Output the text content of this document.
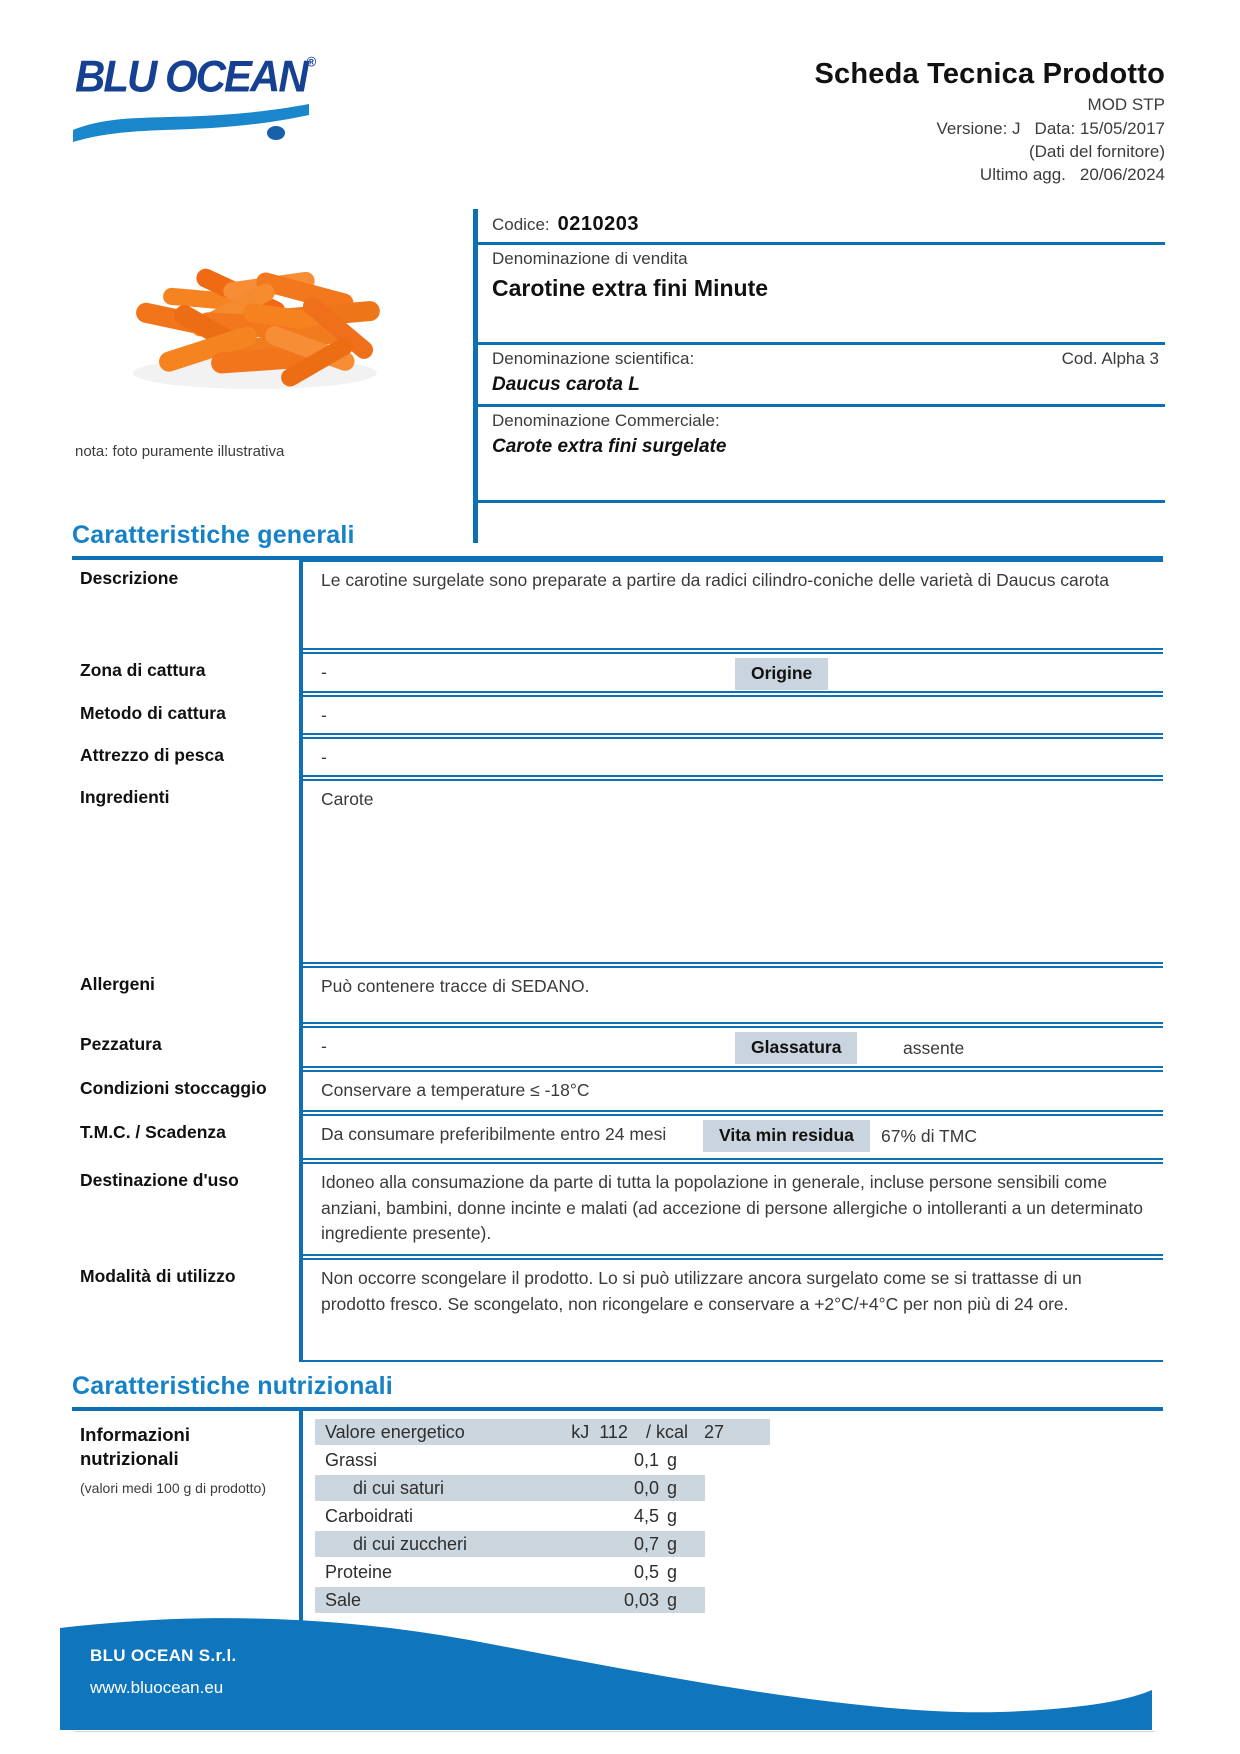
BLU OCEAN®	Scheda Tecnica Prodotto
MOD STP
Versione: J Data: 15/05/2017
(Dati del fornitore)
Ultimo agg. 20/06/2024
nota: foto puramente illustrativa
Codice: 0210203
Denominazione di vendita
Carotine extra fini Minute
Denominazione scientifica:	Cod. Alpha 3
Daucus carota L
Denominazione Commerciale:
Carote extra fini surgelate
Caratteristiche generali
Descrizione	Le carotine surgelate sono preparate a partire da radici cilindro-coniche delle varietà di Daucus carota
Zona di cattura	-	Origine
Metodo di cattura	-
Attrezzo di pesca	-
Ingredienti	Carote
Allergeni	Può contenere tracce di SEDANO.
Pezzatura	-	Glassatura	assente
Condizioni stoccaggio	Conservare a temperature ≤ -18°C
T.M.C. / Scadenza	Da consumare preferibilmente entro 24 mesi	Vita min residua	67% di TMC
Destinazione d'uso	Idoneo alla consumazione da parte di tutta la popolazione in generale, incluse persone sensibili come anziani, bambini, donne incinte e malati (ad accezione di persone allergiche o intolleranti a un determinato ingrediente presente).
Modalità di utilizzo	Non occorre scongelare il prodotto. Lo si può utilizzare ancora surgelato come se si trattasse di un prodotto fresco. Se scongelato, non ricongelare e conservare a +2°C/+4°C per non più di 24 ore.
Caratteristiche nutrizionali
Informazioni nutrizionali
(valori medi 100 g di prodotto)
Valore energetico	kJ 112 / kcal 27
Grassi	0,1 g
di cui saturi	0,0 g
Carboidrati	4,5 g
di cui zuccheri	0,7 g
Proteine	0,5 g
Sale	0,03 g
BLU OCEAN S.r.l.
www.bluocean.eu
